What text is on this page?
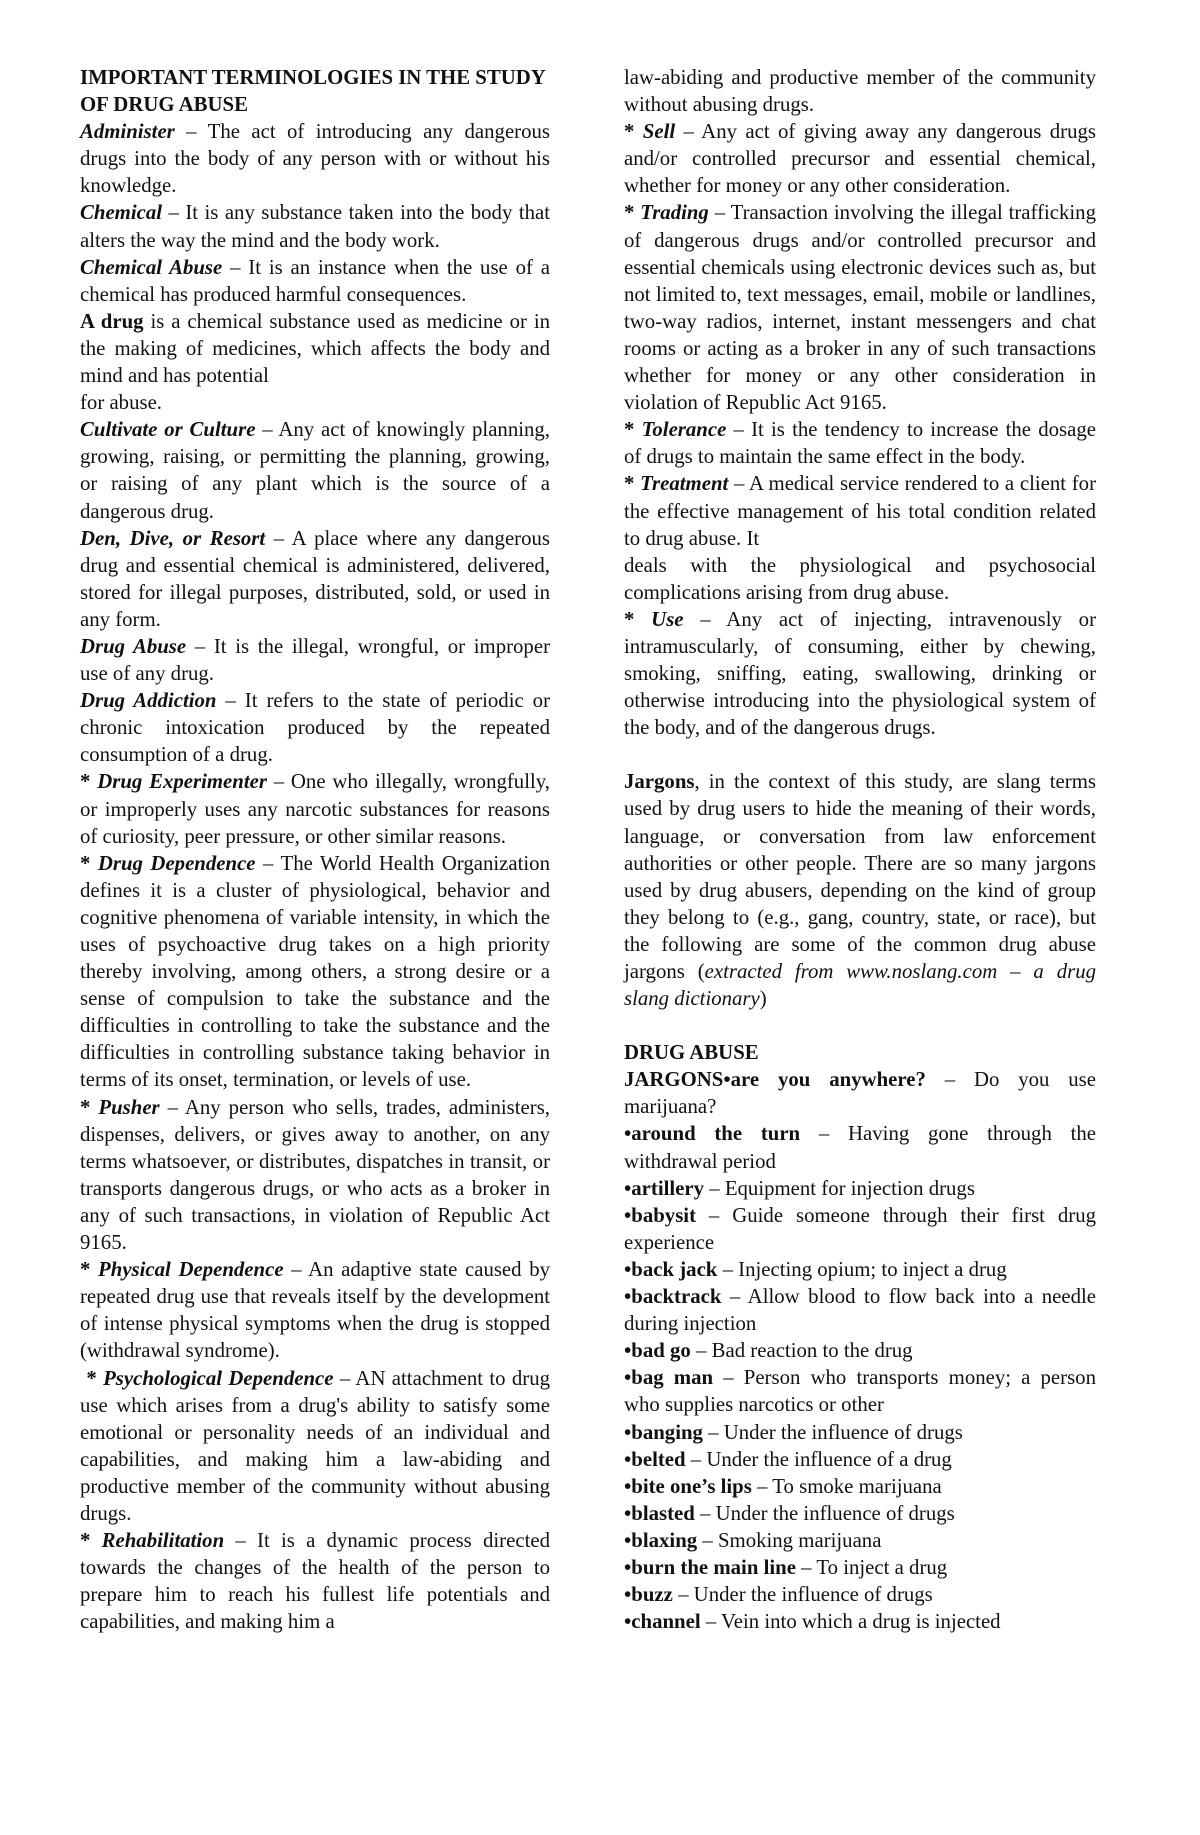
IMPORTANT TERMINOLOGIES IN THE STUDY OF DRUG ABUSE

Administer – The act of introducing any dangerous drugs into the body of any person with or without his knowledge.

Chemical – It is any substance taken into the body that alters the way the mind and the body work.

Chemical Abuse – It is an instance when the use of a chemical has produced harmful consequences.

A drug is a chemical substance used as medicine or in the making of medicines, which affects the body and mind and has potential
for abuse.

Cultivate or Culture – Any act of knowingly planning, growing, raising, or permitting the planning, growing, or raising of any plant which is the source of a dangerous drug.

Den, Dive, or Resort – A place where any dangerous drug and essential chemical is administered, delivered, stored for illegal purposes, distributed, sold, or used in any form.

Drug Abuse – It is the illegal, wrongful, or improper use of any drug.

Drug Addiction – It refers to the state of periodic or chronic intoxication produced by the repeated consumption of a drug.

* Drug Experimenter – One who illegally, wrongfully, or improperly uses any narcotic substances for reasons of curiosity, peer pressure, or other similar reasons.

* Drug Dependence – The World Health Organization defines it is a cluster of physiological, behavior and cognitive phenomena of variable intensity, in which the uses of psychoactive drug takes on a high priority thereby involving, among others, a strong desire or a sense of compulsion to take the substance and the difficulties in controlling to take the substance and the difficulties in controlling substance taking behavior in terms of its onset, termination, or levels of use.

* Pusher – Any person who sells, trades, administers, dispenses, delivers, or gives away to another, on any terms whatsoever, or distributes, dispatches in transit, or transports dangerous drugs, or who acts as a broker in any of such transactions, in violation of Republic Act 9165.

* Physical Dependence – An adaptive state caused by repeated drug use that reveals itself by the development of intense physical symptoms when the drug is stopped (withdrawal syndrome).

* Psychological Dependence – AN attachment to drug use which arises from a drug's ability to satisfy some emotional or personality needs of an individual and capabilities, and making him a law-abiding and productive member of the community without abusing drugs.

* Rehabilitation – It is a dynamic process directed towards the changes of the health of the person to prepare him to reach his fullest life potentials and capabilities, and making him a

law-abiding and productive member of the community without abusing drugs.

* Sell – Any act of giving away any dangerous drugs and/or controlled precursor and essential chemical, whether for money or any other consideration.

* Trading – Transaction involving the illegal trafficking of dangerous drugs and/or controlled precursor and essential chemicals using electronic devices such as, but not limited to, text messages, email, mobile or landlines, two-way radios, internet, instant messengers and chat rooms or acting as a broker in any of such transactions whether for money or any other consideration in violation of Republic Act 9165.

* Tolerance – It is the tendency to increase the dosage of drugs to maintain the same effect in the body.

* Treatment – A medical service rendered to a client for the effective management of his total condition related to drug abuse. It
deals with the physiological and psychosocial complications arising from drug abuse.

* Use – Any act of injecting, intravenously or intramuscularly, of consuming, either by chewing, smoking, sniffing, eating, swallowing, drinking or otherwise introducing into the physiological system of the body, and of the dangerous drugs.

Jargons, in the context of this study, are slang terms used by drug users to hide the meaning of their words, language, or conversation from law enforcement authorities or other people. There are so many jargons used by drug abusers, depending on the kind of group they belong to (e.g., gang, country, state, or race), but the following are some of the common drug abuse jargons (extracted from www.noslang.com – a drug slang dictionary)

DRUG ABUSE

JARGONS•are you anywhere? – Do you use marijuana?

•around the turn – Having gone through the withdrawal period

•artillery – Equipment for injection drugs

•babysit – Guide someone through their first drug experience

•back jack – Injecting opium; to inject a drug

•backtrack – Allow blood to flow back into a needle during injection

•bad go – Bad reaction to the drug

•bag man – Person who transports money; a person who supplies narcotics or other

•banging – Under the influence of drugs

•belted – Under the influence of a drug

•bite one’s lips – To smoke marijuana

•blasted – Under the influence of drugs

•blaxing – Smoking marijuana

•burn the main line – To inject a drug

•buzz – Under the influence of drugs

•channel – Vein into which a drug is injected
